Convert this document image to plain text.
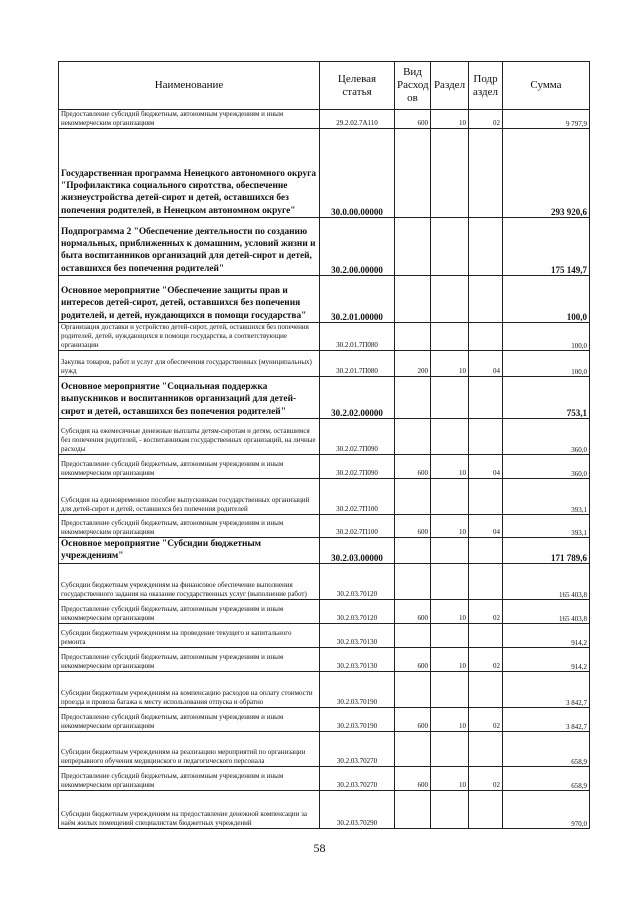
Наименование	Целевая статья	Вид Расход ов	Раздел	Подр аздел	Сумма
Предоставление субсидий бюджетным, автономным учреждениям и иным некоммерческим организациям	29.2.02.7А110	600	10	02	9 797,9
Государственная программа Ненецкого автономного округа "Профилактика социального сиротства, обеспечение жизнеустройства детей-сирот и детей, оставшихся без попечения родителей, в Ненецком автономном округе"	30.0.00.00000				293 920,6
Подпрограмма 2 "Обеспечение деятельности по созданию нормальных, приближенных к домашним, условий жизни и быта воспитанников организаций для детей-сирот и детей, оставшихся без попечения родителей"	30.2.00.00000				175 149,7
Основное мероприятие "Обеспечение защиты прав и интересов детей-сирот, детей, оставшихся без попечения родителей, и детей, нуждающихся в помощи государства"	30.2.01.00000				100,0
Организация доставки и устройство детей-сирот, детей, оставшихся без попечения родителей, детей, нуждающихся в помощи государства, в соответствующие организации	30.2.01.7П080				100,0
Закупка товаров, работ и услуг для обеспечения государственных (муниципальных) нужд	30.2.01.7П080	200	10	04	100,0
Основное мероприятие "Социальная поддержка выпускников и воспитанников организаций для детей-сирот и детей, оставшихся без попечения родителей"	30.2.02.00000				753,1
Субсидия на ежемесячные денежные выплаты детям-сиротам и детям, оставшимся без попечения родителей, - воспитанникам государственных организаций, на личные расходы	30.2.02.7П090				360,0
Предоставление субсидий бюджетным, автономным учреждениям и иным некоммерческим организациям	30.2.02.7П090	600	10	04	360,0
Субсидия на единовременное пособие выпускникам государственных организаций для детей-сирот и детей, оставшихся без попечения родителей	30.2.02.7П100				393,1
Предоставление субсидий бюджетным, автономным учреждениям и иным некоммерческим организациям	30.2.02.7П100	600	10	04	393,1
Основное мероприятие "Субсидии бюджетным учреждениям"	30.2.03.00000				171 789,6
Субсидии бюджетным учреждениям на финансовое обеспечение выполнения государственного задания на оказание государственных услуг (выполнение работ)	30.2.03.70120				165 403,8
Предоставление субсидий бюджетным, автономным учреждениям и иным некоммерческим организациям	30.2.03.70120	600	10	02	165 403,8
Субсидии бюджетным учреждениям на проведение текущего и капитального ремонта	30.2.03.70130				914,2
Предоставление субсидий бюджетным, автономным учреждениям и иным некоммерческим организациям	30.2.03.70130	600	10	02	914,2
Субсидии бюджетным учреждениям на компенсацию расходов на оплату стоимости проезда и провоза багажа к месту использования отпуска и обратно	30.2.03.70190				3 842,7
Предоставление субсидий бюджетным, автономным учреждениям и иным некоммерческим организациям	30.2.03.70190	600	10	02	3 842,7
Субсидии бюджетным учреждениям на реализацию мероприятий по организации непрерывного обучения медицинского и педагогического персонала	30.2.03.70270				658,9
Предоставление субсидий бюджетным, автономным учреждениям и иным некоммерческим организациям	30.2.03.70270	600	10	02	658,9
Субсидии бюджетным учреждениям на предоставление денежной компенсации за наём жилых помещений специалистам бюджетных учреждений	30.2.03.70290				970,0
58
